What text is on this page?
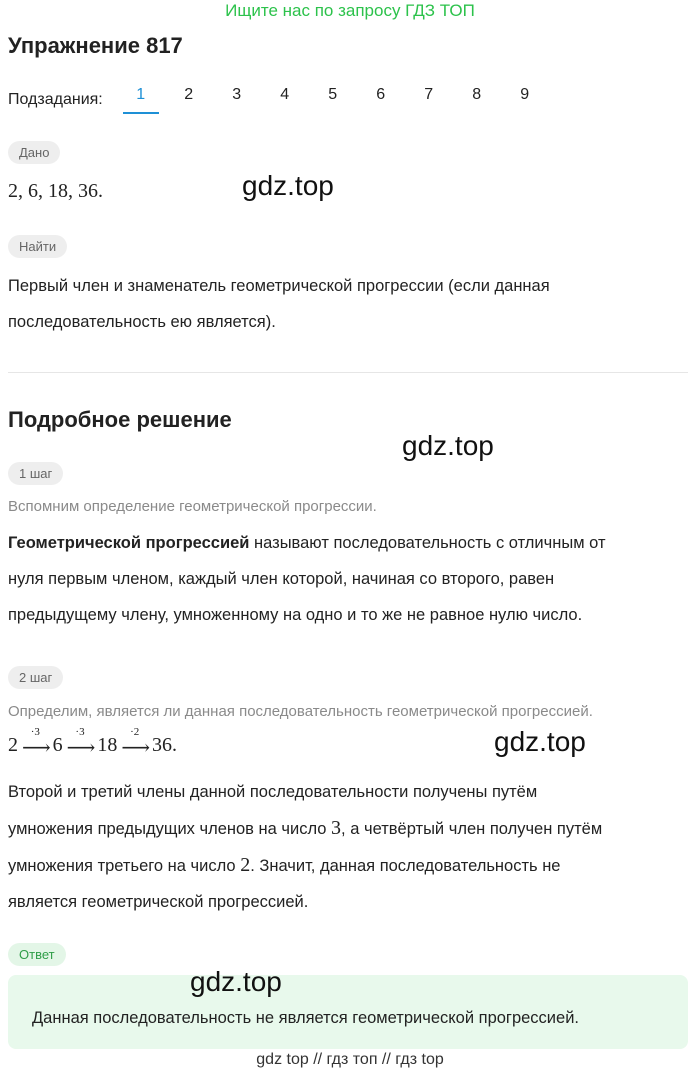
Ищите нас по запросу ГДЗ ТОП
Упражнение 817
Подзадания:	1	2	3	4	5	6	7	8	9
Дано
2, 6, 18, 36.	gdz.top
Найти
Первый член и знаменатель геометрической прогрессии (если данная
последовательность ею является).
Подробное решение
gdz.top
1 шаг
Вспомним определение геометрической прогрессии.
Геометрической прогрессией называют последовательность с отличным от
нуля первым членом, каждый член которой, начиная со второго, равен
предыдущему члену, умноженному на одно и то же не равное нулю число.
2 шаг
Определим, является ли данная последовательность геометрической прогрессией.
2
·3
⟶ 6
·3
⟶ 18
·2
⟶ 36.	gdz.top
Второй и третий члены данной последовательности получены путём
умножения предыдущих членов на число 3, а четвёртый член получен путём
умножения третьего на число 2. Значит, данная последовательность не
является геометрической прогрессией.
Ответ
gdz.top
Данная последовательность не является геометрической прогрессией.
gdz top // гдз топ // гдз top
